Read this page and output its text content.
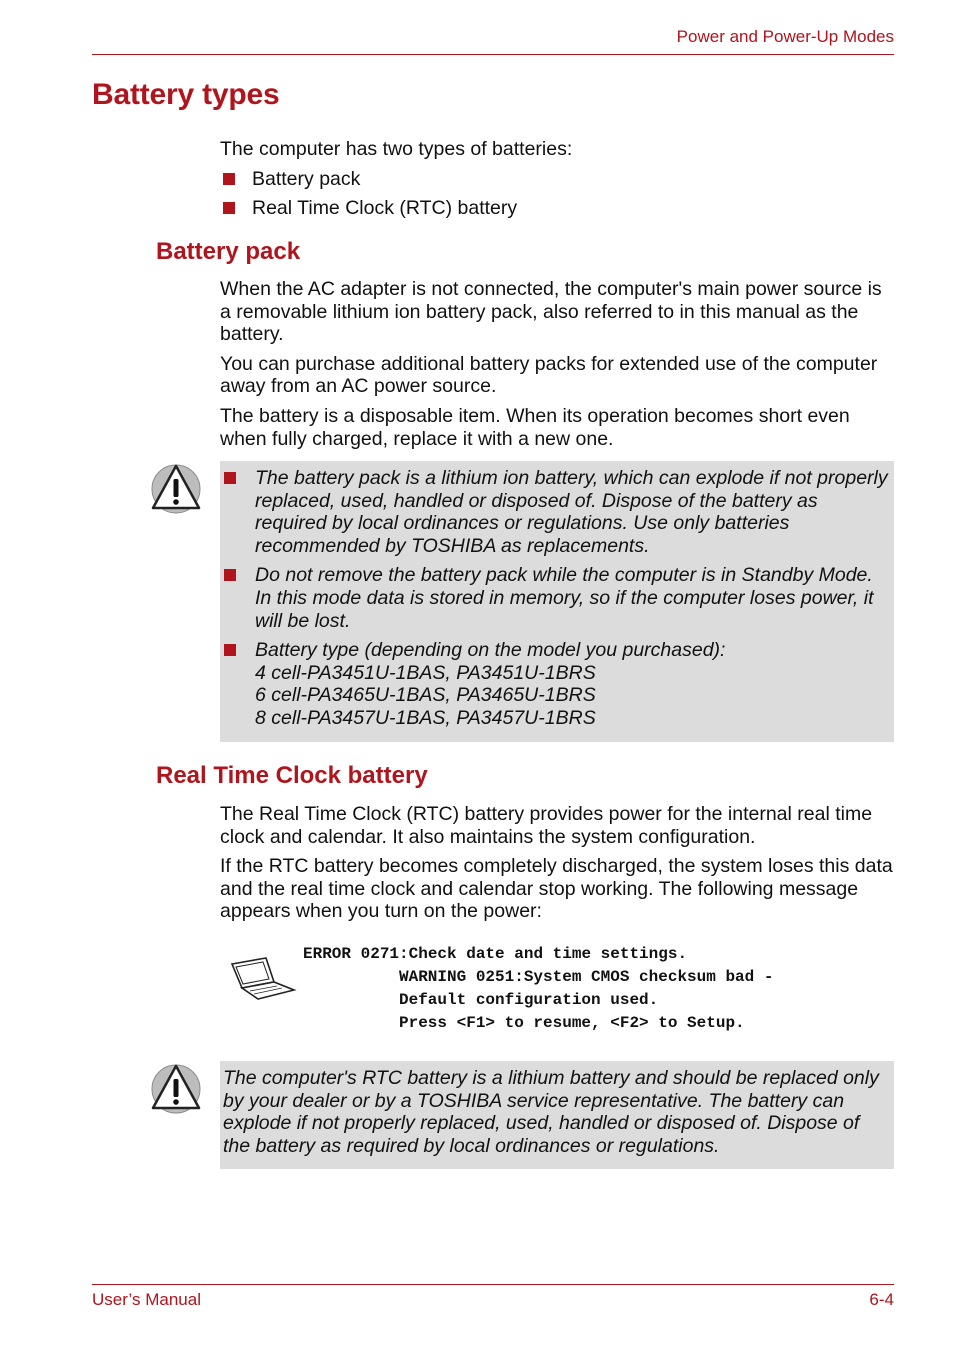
Power and Power-Up Modes
Battery types

The computer has two types of batteries:

Battery pack
Real Time Clock (RTC) battery
Battery pack

When the AC adapter is not connected, the computer's main power source is a removable lithium ion battery pack, also referred to in this manual as the battery.

You can purchase additional battery packs for extended use of the computer away from an AC power source.

The battery is a disposable item. When its operation becomes short even when fully charged, replace it with a new one.

The battery pack is a lithium ion battery, which can explode if not properly replaced, used, handled or disposed of. Dispose of the battery as required by local ordinances or regulations. Use only batteries recommended by TOSHIBA as replacements.
Do not remove the battery pack while the computer is in Standby Mode. In this mode data is stored in memory, so if the computer loses power, it will be lost.
Battery type (depending on the model you purchased):
4 cell-PA3451U-1BAS, PA3451U-1BRS
6 cell-PA3465U-1BAS, PA3465U-1BRS
8 cell-PA3457U-1BAS, PA3457U-1BRS
Real Time Clock battery

The Real Time Clock (RTC) battery provides power for the internal real time clock and calendar. It also maintains the system configuration.

If the RTC battery becomes completely discharged, the system loses this data and the real time clock and calendar stop working. The following message appears when you turn on the power:

ERROR 0271:Check date and time settings.
WARNING 0251:System CMOS checksum bad -
Default configuration used.
Press <F1> to resume, <F2> to Setup.

The computer's RTC battery is a lithium battery and should be replaced only by your dealer or by a TOSHIBA service representative. The battery can explode if not properly replaced, used, handled or disposed of. Dispose of the battery as required by local ordinances or regulations.

User’s Manual	6-4
